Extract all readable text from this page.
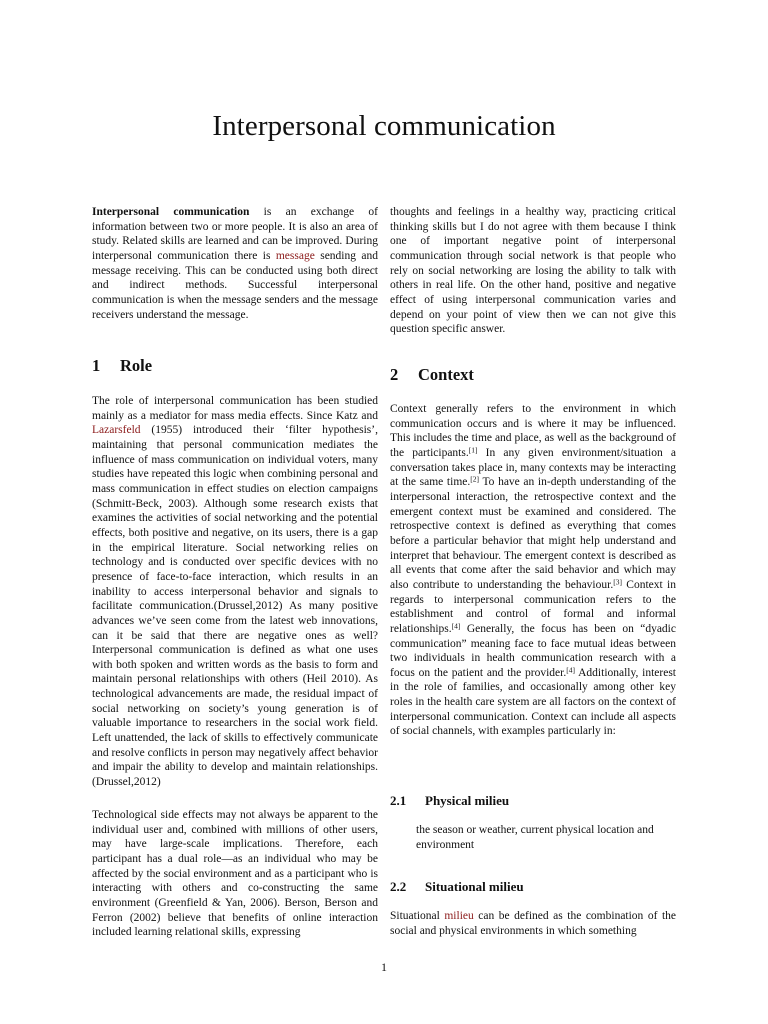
Interpersonal communication

Interpersonal communication is an exchange of information between two or more people. It is also an area of study. Related skills are learned and can be improved. During interpersonal communication there is message sending and message receiving. This can be conducted using both direct and indirect methods. Successful interpersonal communication is when the message senders and the message receivers understand the message.

1 Role

The role of interpersonal communication has been studied mainly as a mediator for mass media effects. Since Katz and Lazarsfeld (1955) introduced their ‘filter hypothesis’, maintaining that personal communication mediates the influence of mass communication on individual voters, many studies have repeated this logic when combining personal and mass communication in effect studies on election campaigns (Schmitt-Beck, 2003). Although some research exists that examines the activities of social networking and the potential effects, both positive and negative, on its users, there is a gap in the empirical literature. Social networking relies on technology and is conducted over specific devices with no presence of face-to-face interaction, which results in an inability to access interpersonal behavior and signals to facilitate communication.(Drussel,2012) As many positive advances we’ve seen come from the latest web innovations, can it be said that there are negative ones as well? Interpersonal communication is defined as what one uses with both spoken and written words as the basis to form and maintain personal relationships with others (Heil 2010). As technological advancements are made, the residual impact of social networking on society’s young generation is of valuable importance to researchers in the social work field. Left unattended, the lack of skills to effectively communicate and resolve conflicts in person may negatively affect behavior and impair the ability to develop and maintain relationships. (Drussel,2012)

Technological side effects may not always be apparent to the individual user and, combined with millions of other users, may have large-scale implications. Therefore, each participant has a dual role—as an individual who may be affected by the social environment and as a participant who is interacting with others and co-constructing the same environment (Greenfield & Yan, 2006). Berson, Berson and Ferron (2002) believe that benefits of online interaction included learning relational skills, expressing

thoughts and feelings in a healthy way, practicing critical thinking skills but I do not agree with them because I think one of important negative point of interpersonal communication through social network is that people who rely on social networking are losing the ability to talk with others in real life. On the other hand, positive and negative effect of using interpersonal communication varies and depend on your point of view then we can not give this question specific answer.

2 Context

Context generally refers to the environment in which communication occurs and is where it may be influenced. This includes the time and place, as well as the background of the participants.[1] In any given environment/situation a conversation takes place in, many contexts may be interacting at the same time.[2] To have an in-depth understanding of the interpersonal interaction, the retrospective context and the emergent context must be examined and considered. The retrospective context is defined as everything that comes before a particular behavior that might help understand and interpret that behaviour. The emergent context is described as all events that come after the said behavior and which may also contribute to understanding the behaviour.[3] Context in regards to interpersonal communication refers to the establishment and control of formal and informal relationships.[4] Generally, the focus has been on “dyadic communication” meaning face to face mutual ideas between two individuals in health communication research with a focus on the patient and the provider.[4] Additionally, interest in the role of families, and occasionally among other key roles in the health care system are all factors on the context of interpersonal communication. Context can include all aspects of social channels, with examples particularly in:

2.1 Physical milieu

the season or weather, current physical location and environment

2.2 Situational milieu

Situational milieu can be defined as the combination of the social and physical environments in which something

1
